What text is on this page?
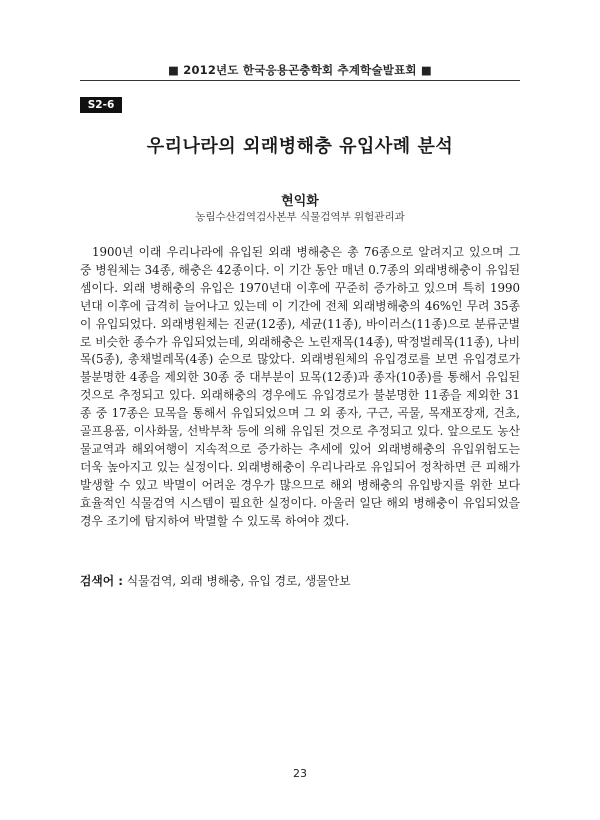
■ 2012년도 한국응용곤충학회 추계학술발표회 ■
S2-6
우리나라의 외래병해충 유입사례 분석
현익화
농림수산검역검사본부 식물검역부 위험관리과

1900년 이래 우리나라에 유입된 외래 병해충은 총 76종으로 알려지고 있으며 그 중 병원체는 34종, 해충은 42종이다. 이 기간 동안 매년 0.7종의 외래병해충이 유입된 셈이다. 외래 병해충의 유입은 1970년대 이후에 꾸준히 증가하고 있으며 특히 1990년대 이후에 급격히 늘어나고 있는데 이 기간에 전체 외래병해충의 46%인 무려 35종이 유입되었다. 외래병원체는 진균(12종), 세균(11종), 바이러스(11종)으로 분류군별로 비슷한 종수가 유입되었는데, 외래해충은 노린재목(14종), 딱정벌레목(11종), 나비목(5종), 총채벌레목(4종) 순으로 많았다. 외래병원체의 유입경로를 보면 유입경로가 불분명한 4종을 제외한 30종 중 대부분이 묘목(12종)과 종자(10종)를 통해서 유입된 것으로 추정되고 있다. 외래해충의 경우에도 유입경로가 불분명한 11종을 제외한 31종 중 17종은 묘목을 통해서 유입되었으며 그 외 종자, 구근, 곡물, 목재포장재, 건초, 골프용품, 이사화물, 선박부착 등에 의해 유입된 것으로 추정되고 있다. 앞으로도 농산물교역과 해외여행이 지속적으로 증가하는 추세에 있어 외래병해충의 유입위험도는 더욱 높아지고 있는 실정이다. 외래병해충이 우리나라로 유입되어 정착하면 큰 피해가 발생할 수 있고 박멸이 어려운 경우가 많으므로 해외 병해충의 유입방지를 위한 보다 효율적인 식물검역 시스템이 필요한 실정이다. 아울러 일단 해외 병해충이 유입되었을 경우 조기에 탐지하여 박멸할 수 있도록 하여야 겠다.

검색어 : 식물검역, 외래 병해충, 유입 경로, 생물안보
23
